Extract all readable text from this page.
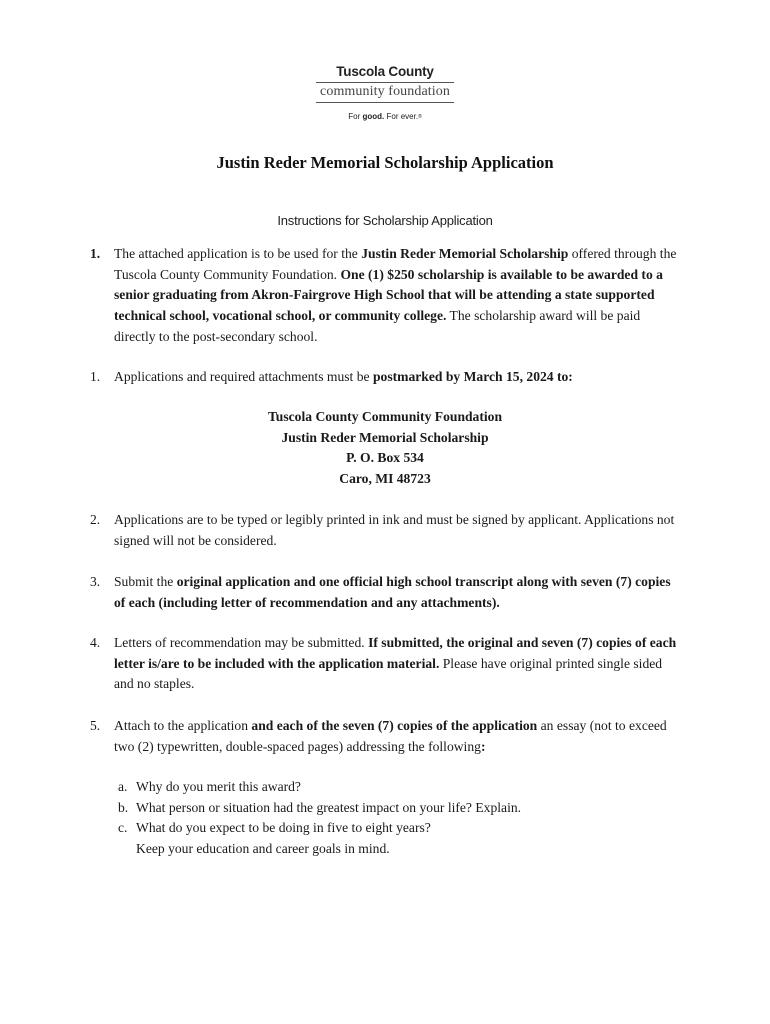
Tuscola County
community foundation
For good. For ever.®
Justin Reder Memorial Scholarship Application
Instructions for Scholarship Application
1.	The attached application is to be used for the Justin Reder Memorial Scholarship offered through the Tuscola County Community Foundation. One (1) $250 scholarship is available to be awarded to a senior graduating from Akron-Fairgrove High School that will be attending a state supported technical school, vocational school, or community college. The scholarship award will be paid directly to the post-secondary school.
1.	Applications and required attachments must be postmarked by March 15, 2024 to:
Tuscola County Community Foundation
Justin Reder Memorial Scholarship
P. O. Box 534
Caro, MI 48723
2.	Applications are to be typed or legibly printed in ink and must be signed by applicant. Applications not signed will not be considered.
3.	Submit the original application and one official high school transcript along with seven (7) copies of each (including letter of recommendation and any attachments).
4.	Letters of recommendation may be submitted. If submitted, the original and seven (7) copies of each letter is/are to be included with the application material. Please have original printed single sided and no staples.
5.	Attach to the application and each of the seven (7) copies of the application an essay (not to exceed two (2) typewritten, double-spaced pages) addressing the following:
a. Why do you merit this award?
b. What person or situation had the greatest impact on your life? Explain.
c. What do you expect to be doing in five to eight years?
Keep your education and career goals in mind.
